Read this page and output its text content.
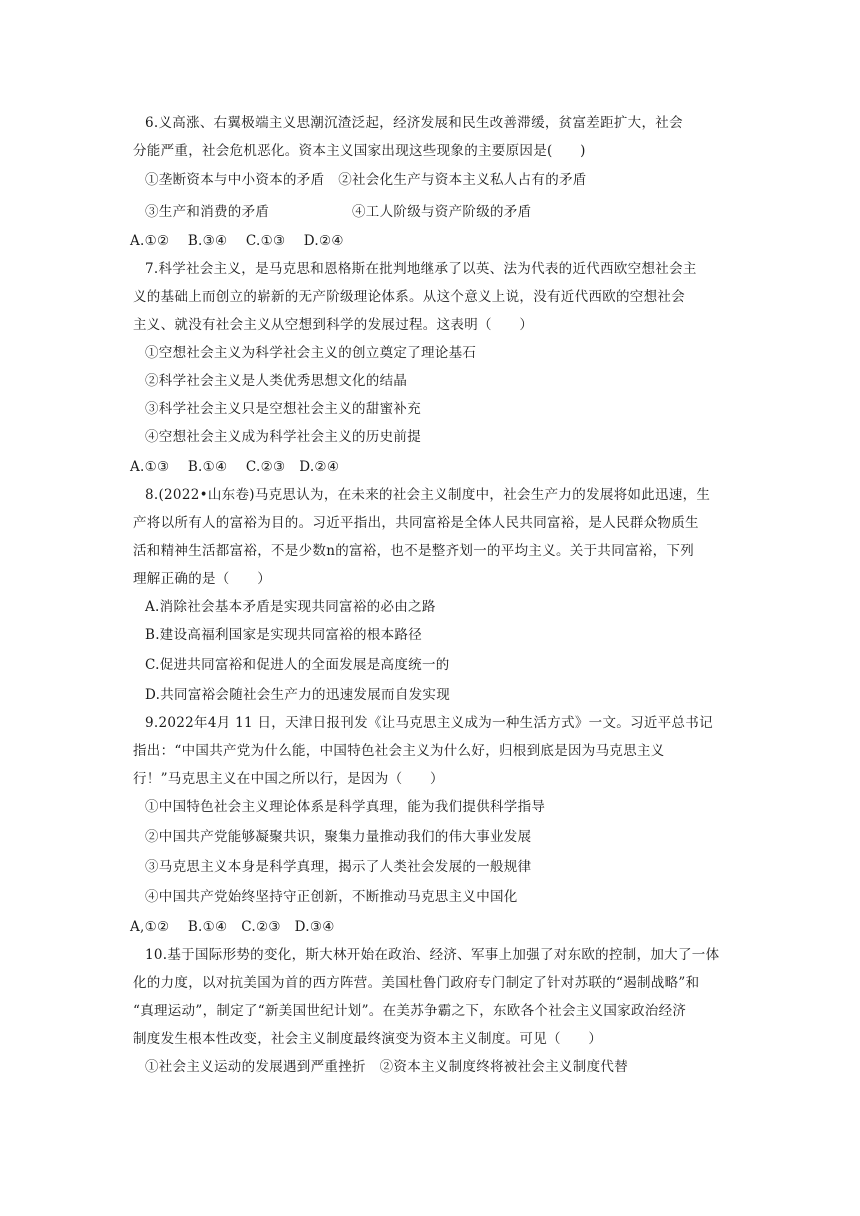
6.义高涨、右翼极端主义思潮沉渣泛起，经济发展和民生改善滞缓，贫富差距扩大，社会
分能严重，社会危机恶化。资本主义国家出现这些现象的主要原因是(　　)
①垄断资本与中小资本的矛盾　②社会化生产与资本主义私人占有的矛盾
③生产和消费的矛盾　　　　　　④工人阶级与资产阶级的矛盾
A.①②　 B.③④　 C.①③　 D.②④
7.科学社会主义，是马克思和恩格斯在批判地继承了以英、法为代表的近代西欧空想社会主
义的基础上而创立的崭新的无产阶级理论体系。从这个意义上说，没有近代西欧的空想社会
主义、就没有社会主义从空想到科学的发展过程。这表明（　　）
①空想社会主义为科学社会主义的创立奠定了理论基石
②科学社会主义是人类优秀思想文化的结晶
③科学社会主义只是空想社会主义的甜蜜补充
④空想社会主义成为科学社会主义的历史前提
A.①③　 B.①④　 C.②③　D.②④
8.(2022•山东卷)马克思认为，在未来的社会主义制度中，社会生产力的发展将如此迅速，生
产将以所有人的富裕为目的。习近平指出，共同富裕是全体人民共同富裕，是人民群众物质生
活和精神生活都富裕，不是少数n的富裕，也不是整齐划一的平均主义。关于共同富裕，下列
理解正确的是（　　）
A.消除社会基本矛盾是实现共同富裕的必由之路
B.建设高福利国家是实现共同富裕的根本路径
C.促进共同富裕和促进人的全面发展是高度统一的
D.共同富裕会随社会生产力的迅速发展而自发实现
9.2022年4月 11 日，天津日报刊发《让马克思主义成为一种生活方式》一文。习近平总书记
指出：“中国共产党为什么能，中国特色社会主义为什么好，归根到底是因为马克思主义
行！”马克思主义在中国之所以行，是因为（　　）
①中国特色社会主义理论体系是科学真理，能为我们提供科学指导
②中国共产党能够凝聚共识，聚集力量推动我们的伟大事业发展
③马克思主义本身是科学真理，揭示了人类社会发展的一般规律
④中国共产党始终坚持守正创新，不断推动马克思主义中国化
A,①②　 B.①④　C.②③　D.③④
10.基于国际形势的变化，斯大林开始在政治、经济、军事上加强了对东欧的控制，加大了一体
化的力度，以对抗美国为首的西方阵营。美国杜鲁门政府专门制定了针对苏联的“遏制战略”和
“真理运动”，制定了“新美国世纪计划”。在美苏争霸之下，东欧各个社会主义国家政治经济
制度发生根本性改变，社会主义制度最终演变为资本主义制度。可见（　　）
①社会主义运动的发展遇到严重挫折　②资本主义制度终将被社会主义制度代替
